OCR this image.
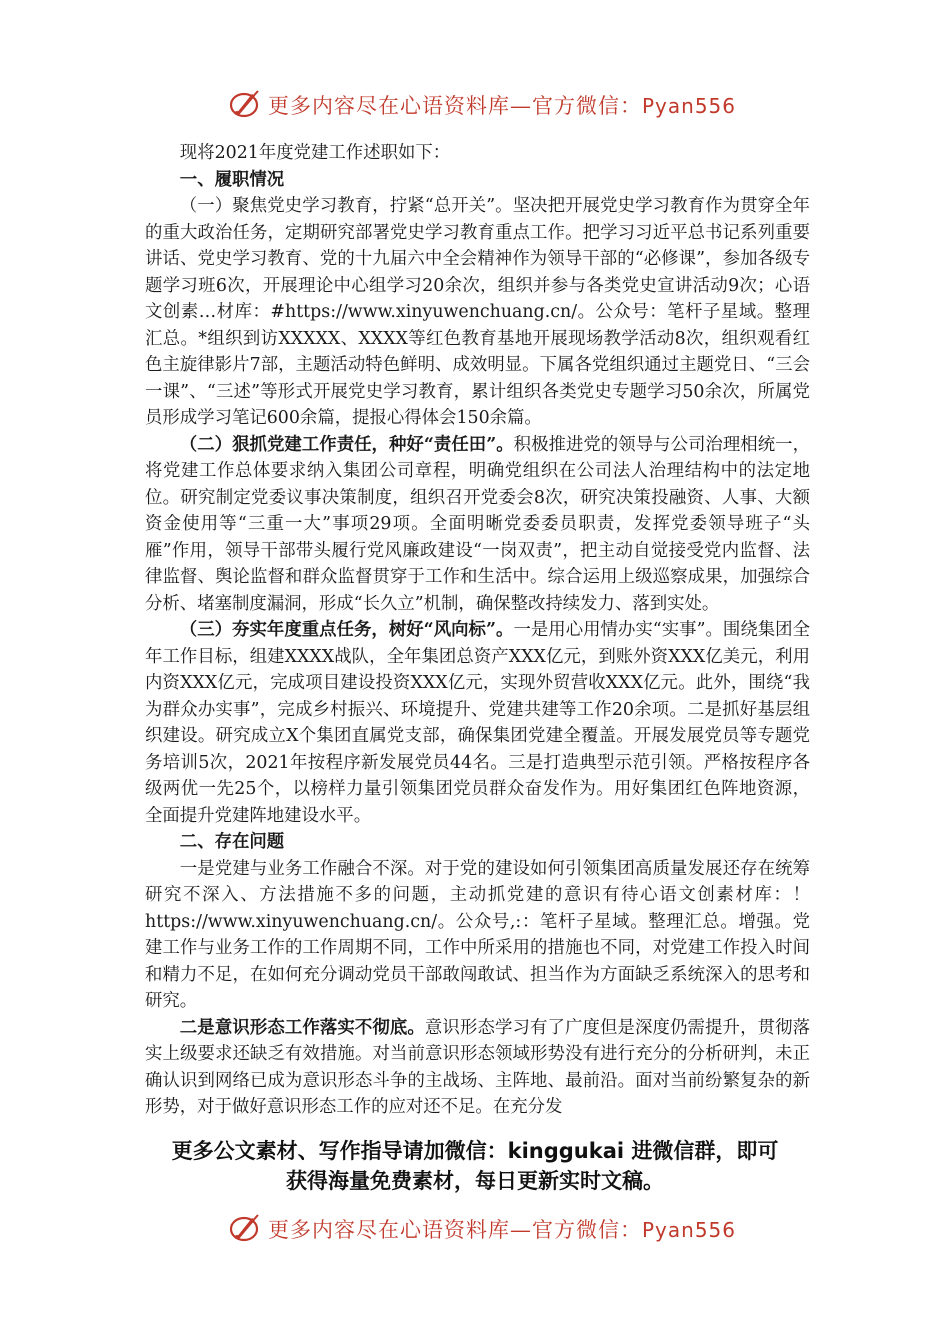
更多内容尽在心语资料库—官方微信：Pyan556

现将2021年度党建工作述职如下：

一、履职情况

（一）聚焦党史学习教育，拧紧“总开关”。坚决把开展党史学习教育作为贯穿全年的重大政治任务，定期研究部署党史学习教育重点工作。把学习习近平总书记系列重要讲话、党史学习教育、党的十九届六中全会精神作为领导干部的“必修课”，参加各级专题学习班6次，开展理论中心组学习20余次，组织并参与各类党史宣讲活动9次；心语文创素…材库：#https://www.xinyuwenchuang.cn/。公众号：笔杆子星域。整理汇总。*组织到访XXXXX、XXXX等红色教育基地开展现场教学活动8次，组织观看红色主旋律影片7部，主题活动特色鲜明、成效明显。下属各党组织通过主题党日、“三会一课”、“三述”等形式开展党史学习教育，累计组织各类党史专题学习50余次，所属党员形成学习笔记600余篇，提报心得体会150余篇。

（二）狠抓党建工作责任，种好“责任田”。积极推进党的领导与公司治理相统一，将党建工作总体要求纳入集团公司章程，明确党组织在公司法人治理结构中的法定地位。研究制定党委议事决策制度，组织召开党委会8次，研究决策投融资、人事、大额资金使用等“三重一大”事项29项。全面明晰党委委员职责，发挥党委领导班子“头雁”作用，领导干部带头履行党风廉政建设“一岗双责”，把主动自觉接受党内监督、法律监督、舆论监督和群众监督贯穿于工作和生活中。综合运用上级巡察成果，加强综合分析、堵塞制度漏洞，形成“长久立”机制，确保整改持续发力、落到实处。

（三）夯实年度重点任务，树好“风向标”。一是用心用情办实“实事”。围绕集团全年工作目标，组建XXXX战队，全年集团总资产XXX亿元，到账外资XXX亿美元，利用内资XXX亿元，完成项目建设投资XXX亿元，实现外贸营收XXX亿元。此外，围绕“我为群众办实事”，完成乡村振兴、环境提升、党建共建等工作20余项。二是抓好基层组织建设。研究成立X个集团直属党支部，确保集团党建全覆盖。开展发展党员等专题党务培训5次，2021年按程序新发展党员44名。三是打造典型示范引领。严格按程序各级两优一先25个，以榜样力量引领集团党员群众奋发作为。用好集团红色阵地资源，全面提升党建阵地建设水平。

二、存在问题

一是党建与业务工作融合不深。对于党的建设如何引领集团高质量发展还存在统筹研究不深入、方法措施不多的问题，主动抓党建的意识有待心语文创素材库：！https://www.xinyuwenchuang.cn/。公众号,:：笔杆子星域。整理汇总。增强。党建工作与业务工作的工作周期不同，工作中所采用的措施也不同，对党建工作投入时间和精力不足，在如何充分调动党员干部敢闯敢试、担当作为方面缺乏系统深入的思考和研究。

二是意识形态工作落实不彻底。意识形态学习有了广度但是深度仍需提升，贯彻落实上级要求还缺乏有效措施。对当前意识形态领域形势没有进行充分的分析研判，未正确认识到网络已成为意识形态斗争的主战场、主阵地、最前沿。面对当前纷繁复杂的新形势，对于做好意识形态工作的应对还不足。在充分发

更多公文素材、写作指导请加微信：kinggukai 进微信群，即可
获得海量免费素材，每日更新实时文稿。
更多内容尽在心语资料库—官方微信：Pyan556
